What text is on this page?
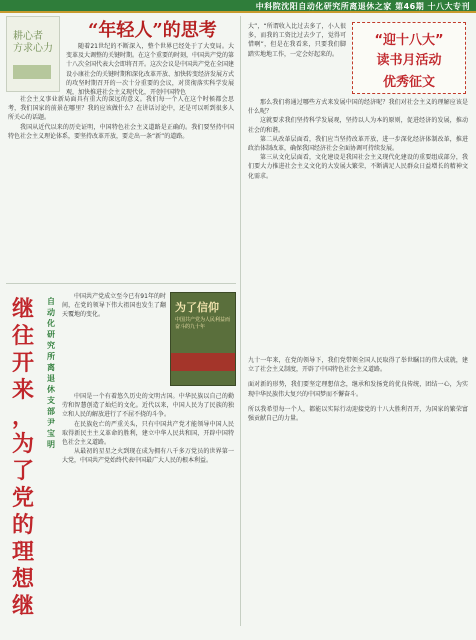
中科院沈阳自动化研究所离退休之家 第46期 十八大专刊
耕心者 方求心力
“年轻人”的思考

随着21世纪的不断深入，整个世界已经处于了大变局。大变革及大调整的关键时期。在这个重要的时刻，中国共产党的第十八次全国代表大会即将召开。这次会议是中国共产党在全国建设小康社会的关键时期和深化改革开放、加快转变经济发展方式的攻坚时期召开的一次十分重要的会议，对贯彻落实科学发展观，加快推进社会主义现代化，开创中国特色

社会主义事业新局面具有重大的深远的意义。我们每一个人在这个时候都会思考，我们国家的前景在哪里？我的应该做什么？在讲话讨论中，还是可以听到很多人所关心的话题。

我国从近代以来的历史证明，中国特色社会主义道路是正确的。我们要坚持中国特色社会主义理论体系，要坚持改革开放，要走出一条“新”的道路。

大”，“所谓收入比过去多了，小人很多，而我的工资比过去少了，觉得可惜啊”，但是在我看来，只要我们脚踏实地地工作，一定会好起来的。

“迎十八大”
读书月活动
优秀征文

那么我们将通过哪些方式来发展中国的经济呢？我们对社会主义的理解应该是什么呢？

这就要求我们坚持科学发展观，坚持以人为本的原则，促进经济的发展，推动社会的和谐。

第二从改革层面看，我们应当坚持改革开放，进一步深化经济体制改革，推进政治体制改革，确保我国经济社会全面协调可持续发展。

第三从文化层面看，文化建设是我国社会主义现代化建设的重要组成部分，我们要大力推进社会主义文化的大发展大繁荣，不断满足人民群众日益增长的精神文化需求。

九十一年来，在党的领导下，我们党带领全国人民取得了举世瞩目的伟大成就，建立了社会主义制度，开辟了中国特色社会主义道路。

面对新的形势，我们要坚定理想信念，继承和发扬党的优良传统，团结一心，为实现中华民族伟大复兴的中国梦而不懈奋斗。

所以我希望每一个人，都能以实际行动迎接党的十八大胜利召开，为国家的繁荣富强贡献自己的力量。

继
往
开
来
，
为
了
党
的
理
想
继
自
动
化
研
究
所
离
退
休
支
部
尹
宝
明

中国共产党成立至今已有91年的时间，在党的领导下伟大祖国也发生了翻天覆地的变化。

为了信仰
中国共产党为人民利益而奋斗的九十年

中国是一个有着悠久历史的文明古国。中华民族以自己的勤劳和智慧创造了灿烂的文化。近代以来，中国人民为了民族的独立和人民的解放进行了不屈不挠的斗争。

在民族危亡的严重关头，只有中国共产党才能领导中国人民取得新民主主义革命的胜利，建立中华人民共和国，开辟中国特色社会主义道路。

从最初的星星之火到现在成为拥有八千多万党员的世界第一大党，中国共产党始终代表中国最广大人民的根本利益。
